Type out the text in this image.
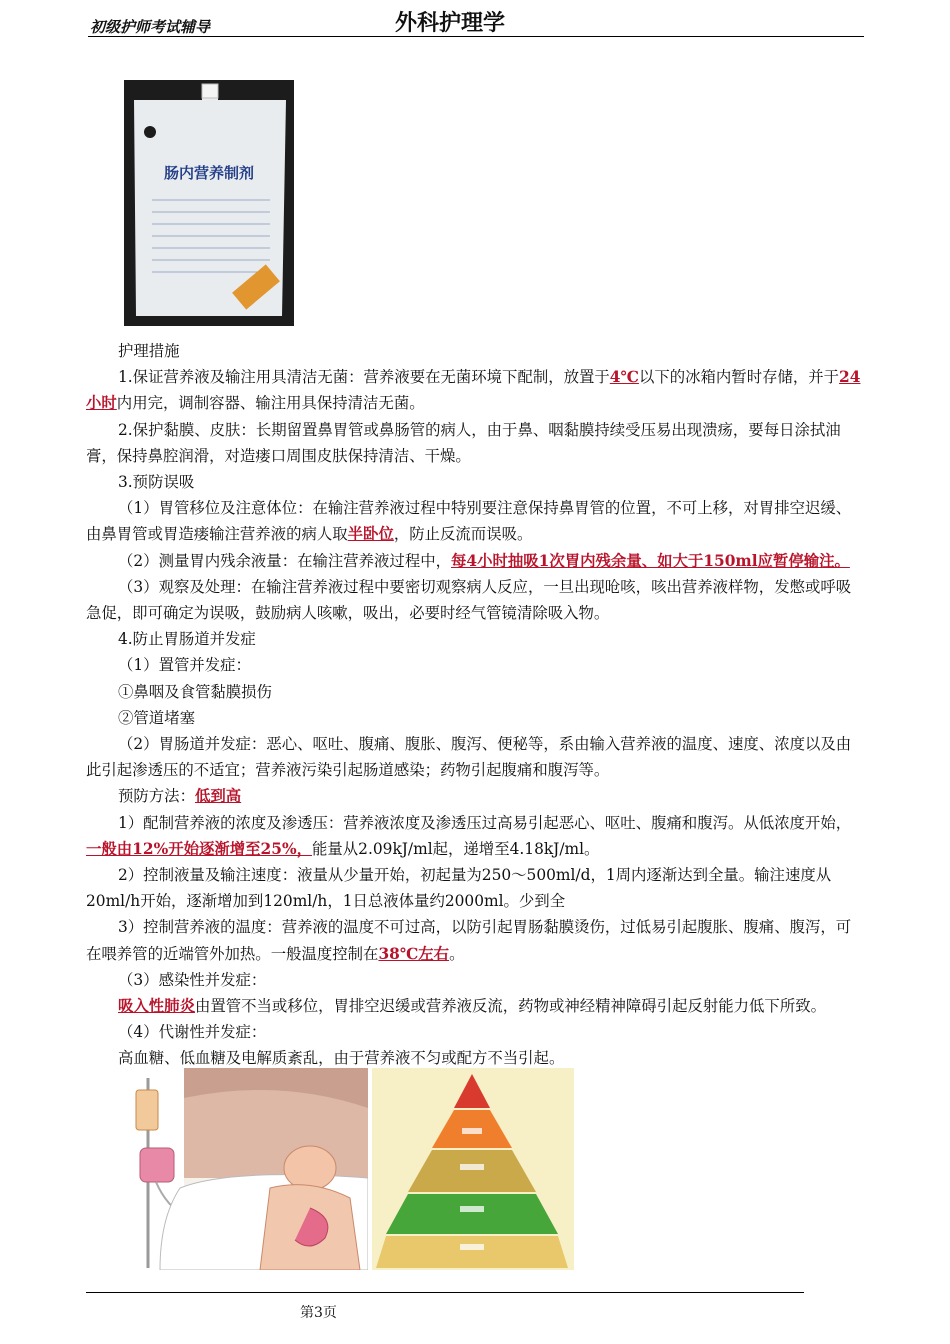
初级护师考试辅导	外科护理学
肠内营养制剂

护理措施

1.保证营养液及输注用具清洁无菌：营养液要在无菌环境下配制，放置于4℃以下的冰箱内暂时存储，并于24小时内用完，调制容器、输注用具保持清洁无菌。

2.保护黏膜、皮肤：长期留置鼻胃管或鼻肠管的病人，由于鼻、咽黏膜持续受压易出现溃疡，要每日涂拭油膏，保持鼻腔润滑，对造瘘口周围皮肤保持清洁、干燥。

3.预防误吸

（1）胃管移位及注意体位：在输注营养液过程中特别要注意保持鼻胃管的位置，不可上移，对胃排空迟缓、由鼻胃管或胃造瘘输注营养液的病人取半卧位，防止反流而误吸。

（2）测量胃内残余液量：在输注营养液过程中，每4小时抽吸1次胃内残余量、如大于150ml应暂停输注。

（3）观察及处理：在输注营养液过程中要密切观察病人反应，一旦出现呛咳，咳出营养液样物，发憋或呼吸急促，即可确定为误吸，鼓励病人咳嗽，吸出，必要时经气管镜清除吸入物。

4.防止胃肠道并发症

（1）置管并发症：

①鼻咽及食管黏膜损伤

②管道堵塞

（2）胃肠道并发症：恶心、呕吐、腹痛、腹胀、腹泻、便秘等，系由输入营养液的温度、速度、浓度以及由此引起渗透压的不适宜；营养液污染引起肠道感染；药物引起腹痛和腹泻等。

预防方法：低到高

1）配制营养液的浓度及渗透压：营养液浓度及渗透压过高易引起恶心、呕吐、腹痛和腹泻。从低浓度开始，一般由12%开始逐渐增至25%，能量从2.09kJ/ml起，递增至4.18kJ/ml。

2）控制液量及输注速度：液量从少量开始，初起量为250～500ml/d，1周内逐渐达到全量。输注速度从20ml/h开始，逐渐增加到120ml/h，1日总液体量约2000ml。少到全

3）控制营养液的温度：营养液的温度不可过高，以防引起胃肠黏膜烫伤，过低易引起腹胀、腹痛、腹泻，可在喂养管的近端管外加热。一般温度控制在38℃左右。

（3）感染性并发症：

吸入性肺炎由置管不当或移位，胃排空迟缓或营养液反流，药物或神经精神障碍引起反射能力低下所致。

（4）代谢性并发症：

高血糖、低血糖及电解质紊乱，由于营养液不匀或配方不当引起。

第3页
